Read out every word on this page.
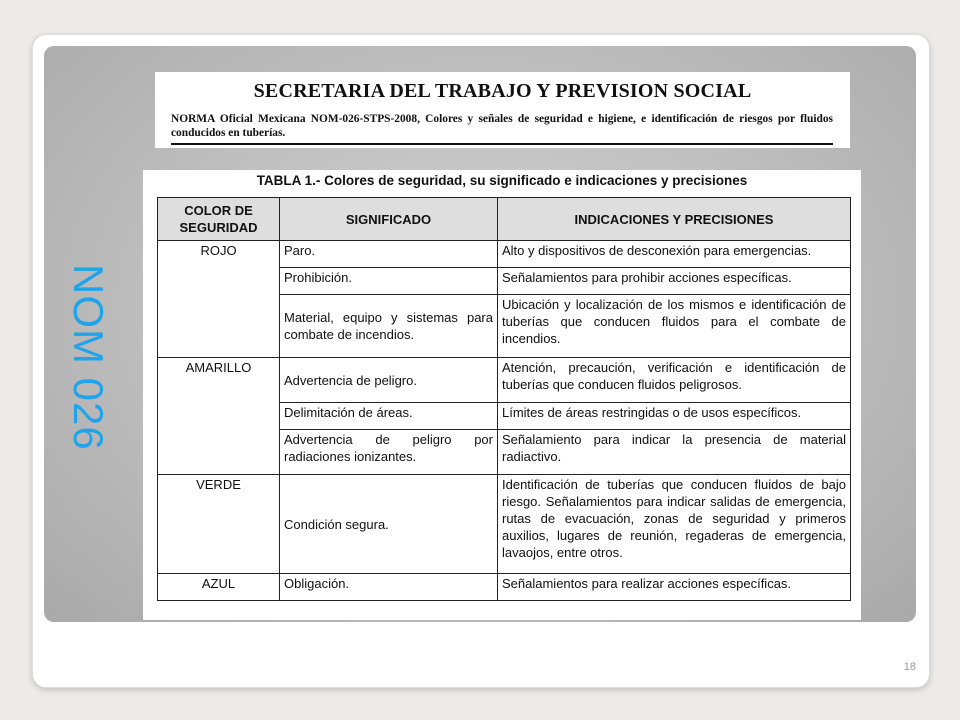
NOM 026
SECRETARIA DEL TRABAJO Y PREVISION SOCIAL
NORMA Oficial Mexicana NOM-026-STPS-2008, Colores y señales de seguridad e higiene, e identificación de riesgos por fluidos conducidos en tuberías.
TABLA 1.- Colores de seguridad, su significado e indicaciones y precisiones
COLOR DE SEGURIDAD	SIGNIFICADO	INDICACIONES Y PRECISIONES
ROJO	Paro.	Alto y dispositivos de desconexión para emergencias.
	Prohibición.	Señalamientos para prohibir acciones específicas.
	Material, equipo y sistemas para combate de incendios.	Ubicación y localización de los mismos e identificación de tuberías que conducen fluidos para el combate de incendios.
AMARILLO	Advertencia de peligro.	Atención, precaución, verificación e identificación de tuberías que conducen fluidos peligrosos.
	Delimitación de áreas.	Límites de áreas restringidas o de usos específicos.
	Advertencia de peligro por radiaciones ionizantes.	Señalamiento para indicar la presencia de material radiactivo.
VERDE	Condición segura.	Identificación de tuberías que conducen fluidos de bajo riesgo. Señalamientos para indicar salidas de emergencia, rutas de evacuación, zonas de seguridad y primeros auxilios, lugares de reunión, regaderas de emergencia, lavaojos, entre otros.
AZUL	Obligación.	Señalamientos para realizar acciones específicas.
18
